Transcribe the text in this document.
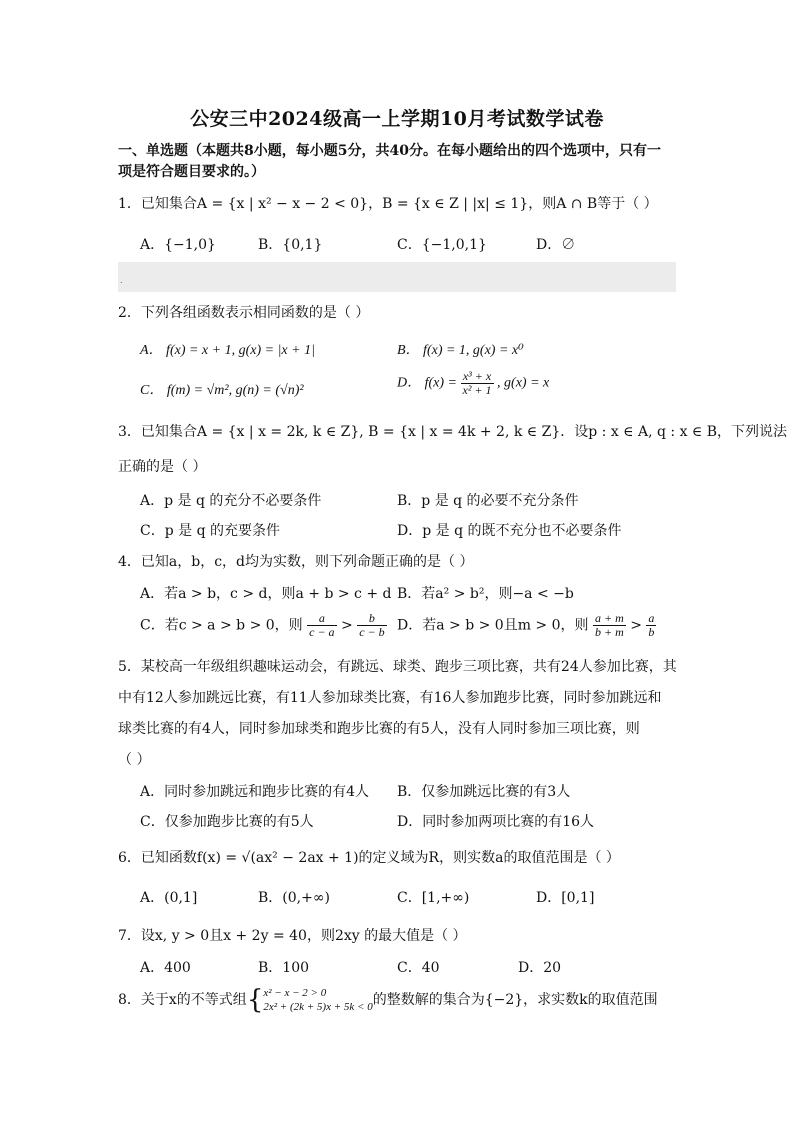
公安三中2024级高一上学期10月考试数学试卷
一、单选题（本题共8小题，每小题5分，共40分。在每小题给出的四个选项中，只有一
项是符合题目要求的。）
1．已知集合A = {x | x² − x − 2 < 0}，B = {x ∈ Z | |x| ≤ 1}，则A ∩ B等于（ ）
A．{−1,0}	B．{0,1}	C．{−1,0,1}	D．∅
.
2．下列各组函数表示相同函数的是（ ）
A． f(x) = x + 1, g(x) = |x + 1|	B． f(x) = 1, g(x) = x⁰
C． f(m) = √m², g(n) = (√n)²	D． $f(x) = \frac{\text{x³ + x}}{\text{x² + 1}}$ , g(x) = x
3．已知集合A = {x | x = 2k, k ∈ Z}, B = {x | x = 4k + 2, k ∈ Z}．设p : x ∈ A, q : x ∈ B，下列说法
正确的是（ ）
A．p 是 q 的充分不必要条件	B．p 是 q 的必要不充分条件
C．p 是 q 的充要条件	D．p 是 q 的既不充分也不必要条件
4．已知a，b，c，d均为实数，则下列命题正确的是（ ）
A．若a > b，c > d，则a + b > c + d B．若a² > b²，则−a < −b
C．若c > a > b > 0，则 $\frac{a}{c - a} > \frac{b}{c - b}$ D．若a > b > 0且m > 0，则 $\frac{a + m}{b + m} > \frac{a}{b}$
5．某校高一年级组织趣味运动会，有跳远、球类、跑步三项比赛，共有24人参加比赛，其
中有12人参加跳远比赛，有11人参加球类比赛，有16人参加跑步比赛，同时参加跳远和
球类比赛的有4人，同时参加球类和跑步比赛的有5人，没有人同时参加三项比赛，则
（ ）
A．同时参加跳远和跑步比赛的有4人 B．仅参加跳远比赛的有3人
C．仅参加跑步比赛的有5人	D．同时参加两项比赛的有16人
6．已知函数f(x) = √(ax² − 2ax + 1)的定义域为R，则实数a的取值范围是（ ）
A．(0,1]	B．(0,+∞)	C．[1,+∞)	D．[0,1]
7．设x, y > 0且x + 2y = 40，则2xy 的最大值是（ ）
A．400	B．100	C．40	D．20
8．关于x的不等式组{ x² − x − 2 > 0
2x² + (2k + 5)x + 5k < 0 的整数解的集合为{−2}，求实数k的取值范围
